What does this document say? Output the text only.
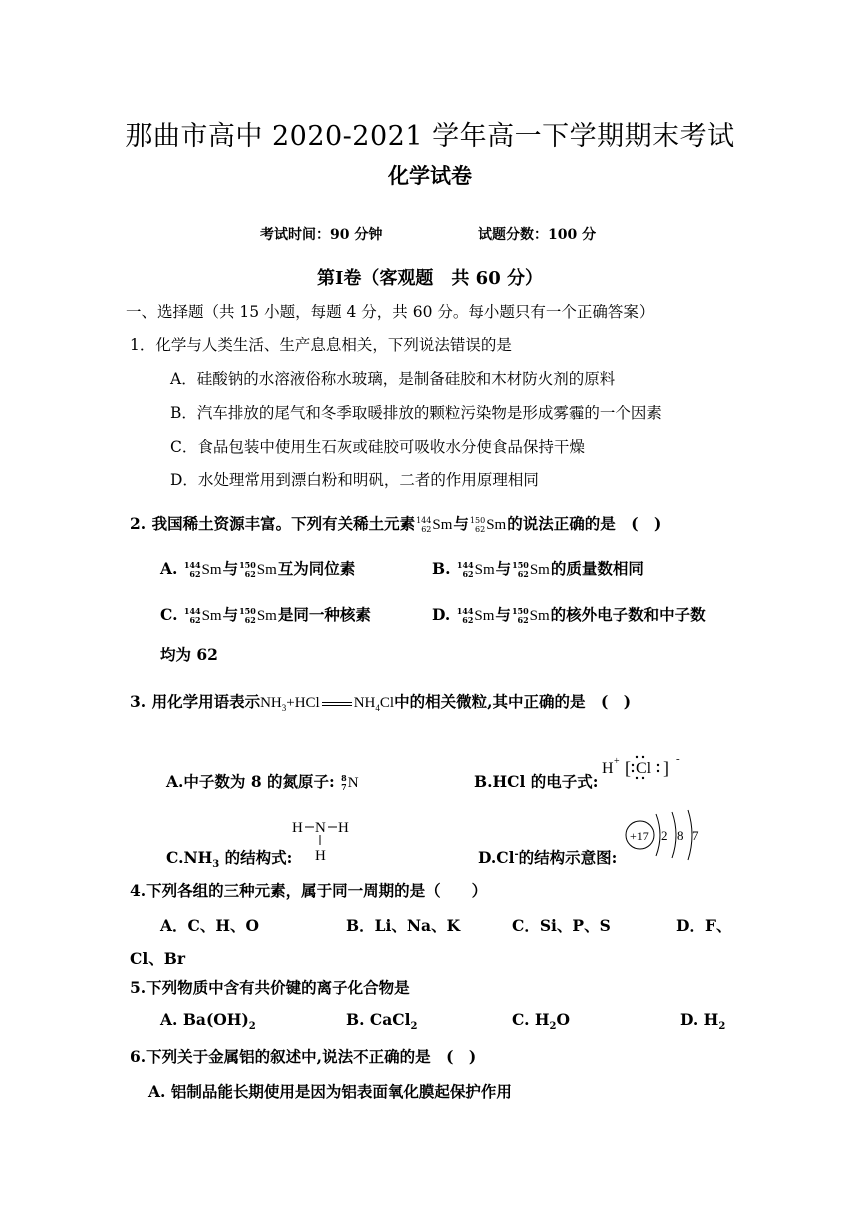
那曲市高中 2020-2021 学年高一下学期期末考试
化学试卷
考试时间：90 分钟	试题分数：100 分
第Ⅰ卷（客观题　共 60 分）
一、选择题（共 15 小题，每题 4 分，共 60 分。每小题只有一个正确答案）
1．化学与人类生活、生产息息相关，下列说法错误的是
A．硅酸钠的水溶液俗称水玻璃，是制备硅胶和木材防火剂的原料
B．汽车排放的尾气和冬季取暖排放的颗粒污染物是形成雾霾的一个因素
C．食品包装中使用生石灰或硅胶可吸收水分使食品保持干燥
D．水处理常用到漂白粉和明矾，二者的作用原理相同
2. 我国稀土资源丰富。下列有关稀土元素 144
62 Sm 与 150
62 Sm 的说法正确的是　(　)
A. 144
62 Sm 与 150
62 Sm 互为同位素	B. 144
62 Sm 与 150
62 Sm 的质量数相同
C. 144
62 Sm 与 150
62 Sm 是同一种核素	D. 144
62 Sm 与 150
62 Sm 的核外电子数和中子数
均为 62
3. 用化学用语表示$NH_3+HCl$ $NH_4Cl$中的相关微粒,其中正确的是　(　)
A.中子数为 8 的氮原子: 8
7 N	B.HCl 的电子式:
H + [ Cl ] -
H N H
H
$C.NH_3$ 的结构式:	D.Cl-的结构示意图:
+17 2 8 7
4.下列各组的三种元素，属于同一周期的是（　　）
A．C、H、O	B．Li、Na、K	C．Si、P、S	D．F、
Cl、Br
5.下列物质中含有共价键的离子化合物是
A. $Ba(OH)_2$	B. CaCl$_2$	C. $H_2O$	D. $H_2$
6.下列关于金属铝的叙述中,说法不正确的是　(　)
A. 铝制品能长期使用是因为铝表面氧化膜起保护作用
